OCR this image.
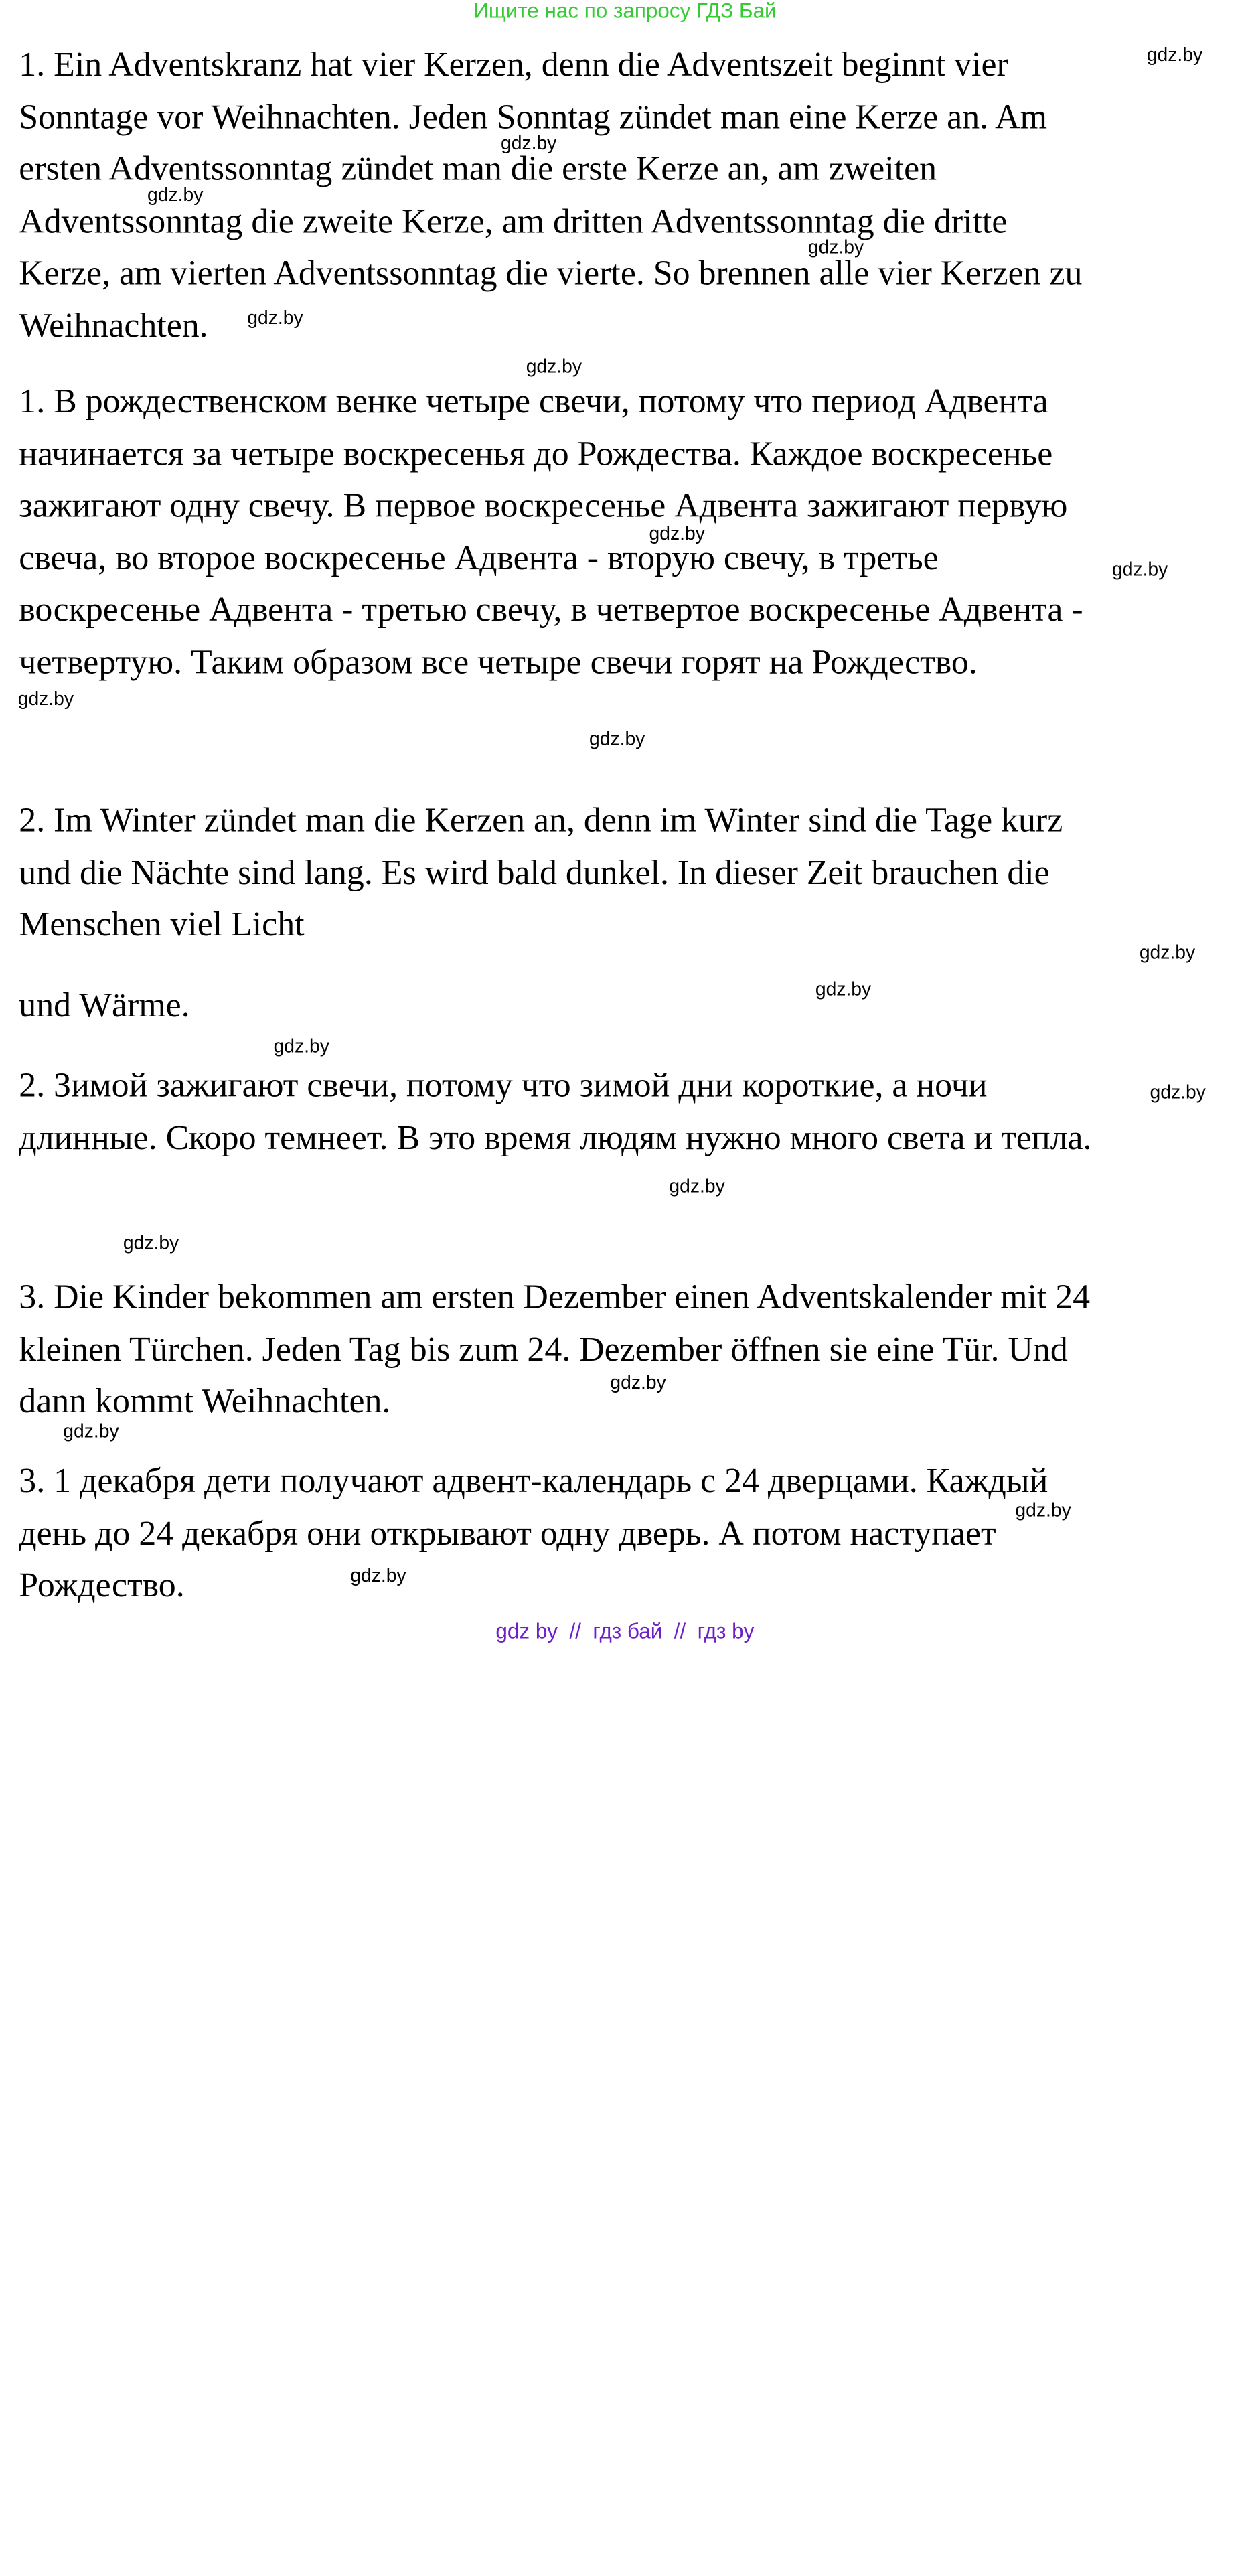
Ищите нас по запросу ГДЗ Бай
1. Ein Adventskranz hat vier Kerzen, denn die Adventszeit beginnt vier
Sonntage vor Weihnachten. Jeden Sonntag zündet man eine Kerze an. Am
ersten Adventssonntag zündet man die erste Kerze an, am zweiten
Adventssonntag die zweite Kerze, am dritten Adventssonntag die dritte
Kerze, am vierten Adventssonntag die vierte. So brennen alle vier Kerzen zu
Weihnachten.
1. В рождественском венке четыре свечи, потому что период Адвента
начинается за четыре воскресенья до Рождества. Каждое воскресенье
зажигают одну свечу. В первое воскресенье Адвента зажигают первую
свеча, во второе воскресенье Адвента - вторую свечу, в третье
воскресенье Адвента - третью свечу, в четвертое воскресенье Адвента -
четвертую. Таким образом все четыре свечи горят на Рождество.
2. Im Winter zündet man die Kerzen an, denn im Winter sind die Tage kurz
und die Nächte sind lang. Es wird bald dunkel. In dieser Zeit brauchen die
Menschen viel Licht
und Wärme.
2. Зимой зажигают свечи, потому что зимой дни короткие, а ночи
длинные. Скоро темнеет. В это время людям нужно много света и тепла.
3. Die Kinder bekommen am ersten Dezember einen Adventskalender mit 24
kleinen Türchen. Jeden Tag bis zum 24. Dezember öffnen sie eine Tür. Und
dann kommt Weihnachten.
3. 1 декабря дети получают адвент-календарь с 24 дверцами. Каждый
день до 24 декабря они открывают одну дверь. А потом наступает
Рождество.
gdz.by
gdz.by
gdz.by
gdz.by
gdz.by
gdz.by
gdz.by
gdz.by
gdz.by
gdz.by
gdz.by
gdz.by
gdz.by
gdz.by
gdz.by
gdz.by
gdz.by
gdz.by
gdz.by
gdz.by
gdz by  //  гдз бай  //  гдз by
